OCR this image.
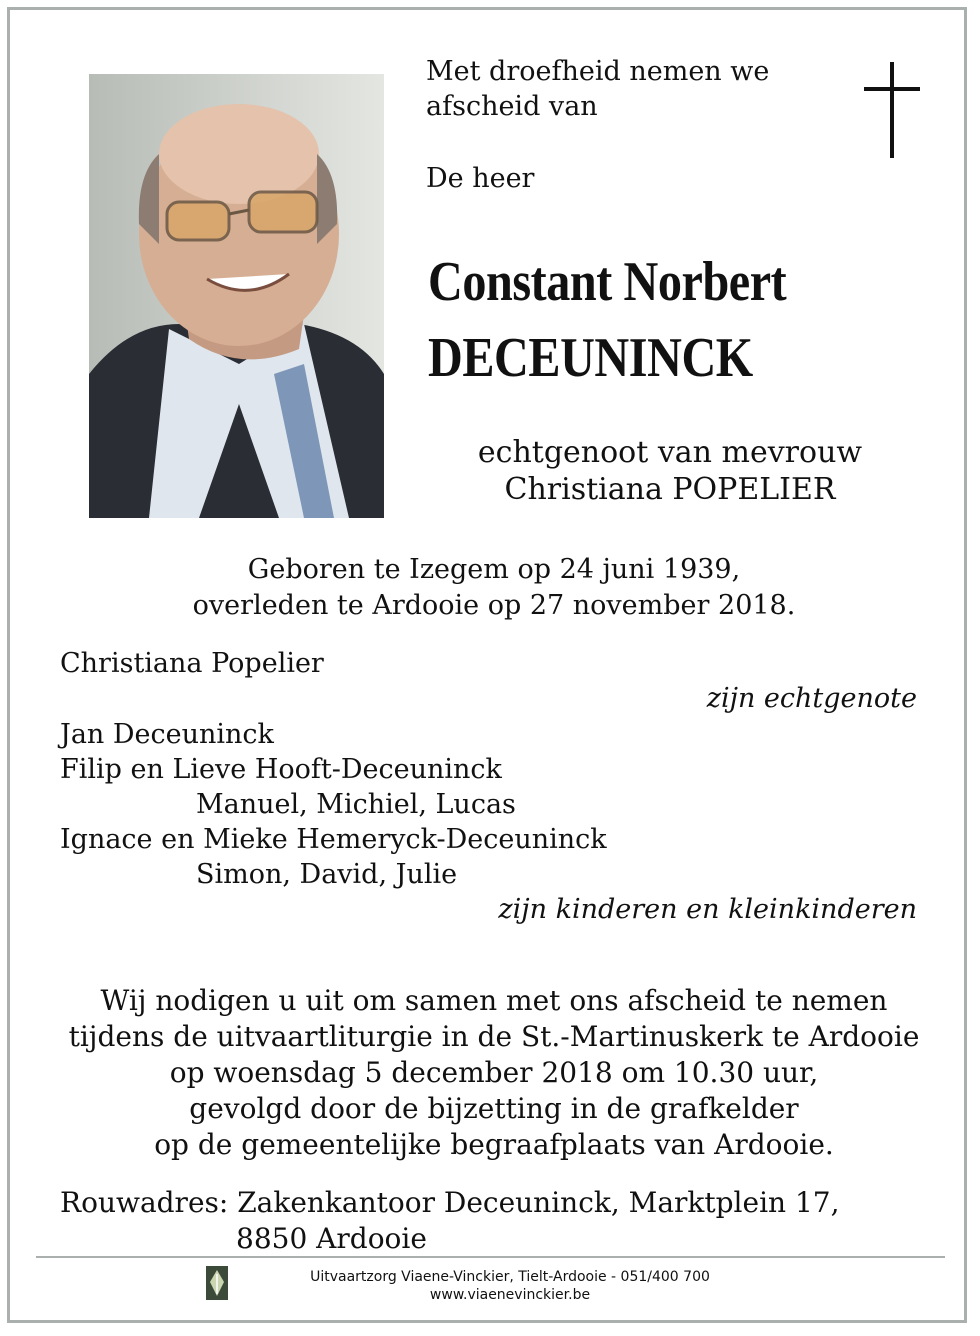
Met droefheid nemen we
afscheid van
De heer
Constant Norbert
DECEUNINCK
echtgenoot van mevrouw
Christiana POPELIER
Geboren te Izegem op 24 juni 1939,
overleden te Ardooie op 27 november 2018.
Christiana Popelier
zijn echtgenote
Jan Deceuninck
Filip en Lieve Hooft-Deceuninck
Manuel, Michiel, Lucas
Ignace en Mieke Hemeryck-Deceuninck
Simon, David, Julie
zijn kinderen en kleinkinderen
Wij nodigen u uit om samen met ons afscheid te nemen
tijdens de uitvaartliturgie in de St.-Martinuskerk te Ardooie
op woensdag 5 december 2018 om 10.30 uur,
gevolgd door de bijzetting in de grafkelder
op de gemeentelijke begraafplaats van Ardooie.
Rouwadres: Zakenkantoor Deceuninck, Marktplein 17,
8850 Ardooie
Uitvaartzorg Viaene-Vinckier, Tielt-Ardooie - 051/400 700
www.viaenevinckier.be
